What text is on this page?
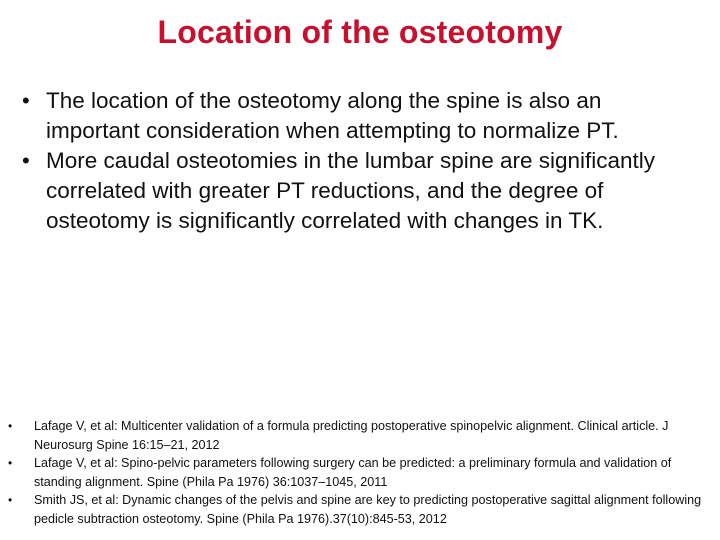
Location of the osteotomy
• The location of the osteotomy along the spine is also an important consideration when attempting to normalize PT.
• More caudal osteotomies in the lumbar spine are significantly correlated with greater PT reductions, and the degree of osteotomy is significantly correlated with changes in TK.
• Lafage V, et al: Multicenter validation of a formula predicting postoperative spinopelvic alignment. Clinical article. J Neurosurg Spine 16:15–21, 2012
• Lafage V, et al: Spino-pelvic parameters following surgery can be predicted: a preliminary formula and validation of standing alignment. Spine (Phila Pa 1976) 36:1037–1045, 2011
• Smith JS, et al: Dynamic changes of the pelvis and spine are key to predicting postoperative sagittal alignment following pedicle subtraction osteotomy. Spine (Phila Pa 1976).37(10):845-53, 2012
